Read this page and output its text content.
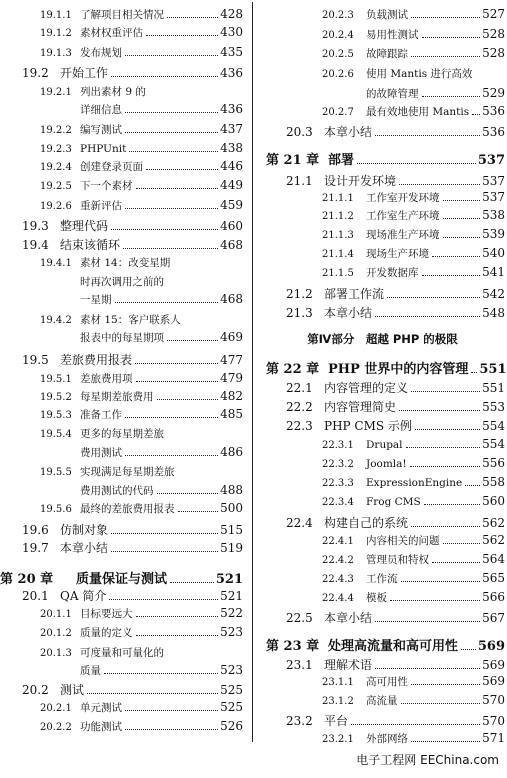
19.1.1 了解项目相关情况	428
19.1.2 素材权重评估	430
19.1.3 发布规划	435
19.2 开始工作	436
19.2.1 列出素材 9 的
详细信息	436
19.2.2 编写测试	437
19.2.3 PHPUnit	438
19.2.4 创建登录页面	446
19.2.5 下一个素材	449
19.2.6 重新评估	459
19.3 整理代码	460
19.4 结束该循环	468
19.4.1 素材 14：改变星期
时再次调用之前的
一星期	468
19.4.2 素材 15：客户联系人
报表中的每星期项	469
19.5 差旅费用报表	477
19.5.1 差旅费用项	479
19.5.2 每星期差旅费用	482
19.5.3 准备工作	485
19.5.4 更多的每星期差旅
费用测试	486
19.5.5 实现满足每星期差旅
费用测试的代码	488
19.5.6 最终的差旅费用报表	500
19.6 仿制对象	515
19.7 本章小结	519
第 20 章	质量保证与测试	521
20.1 QA 简介	521
20.1.1 目标要远大	522
20.1.2 质量的定义	523
20.1.3 可度量和可量化的
质量	523
20.2 测试	525
20.2.1 单元测试	525
20.2.2 功能测试	526
第Ⅳ部分　超越 PHP 的极限
20.2.3	负载测试	527
20.2.4	易用性测试	528
20.2.5	故障跟踪	528
20.2.6	使用 Mantis 进行高效
的故障管理	529
20.2.7	最有效地使用 Mantis 536
20.3 本章小结	536
第 21 章 部署	537
21.1 设计开发环境	537
21.1.1	工作室开发环境	537
21.1.2	工作室生产环境	538
21.1.3	现场准生产环境	539
21.1.4	现场生产环境	540
21.1.5	开发数据库	541
21.2 部署工作流	542
21.3 本章小结	548
第 22 章 PHP 世界中的内容管理 551
22.1 内容管理的定义	551
22.2 内容管理简史	553
22.3 PHP CMS 示例	554
22.3.1	Drupal	554
22.3.2	Joomla!	556
22.3.3	ExpressionEngine 558
22.3.4	Frog CMS	560
22.4 构建自己的系统	562
22.4.1	内容相关的问题	562
22.4.2	管理员和特权	564
22.4.3	工作流	565
22.4.4	模板	566
22.5 本章小结	567
第 23 章 处理高流量和高可用性 569
23.1 理解术语	569
23.1.1	高可用性	569
23.1.2	高流量	570
23.2 平台	570
23.2.1	外部网络	571
电子工程网 EEChina.com
